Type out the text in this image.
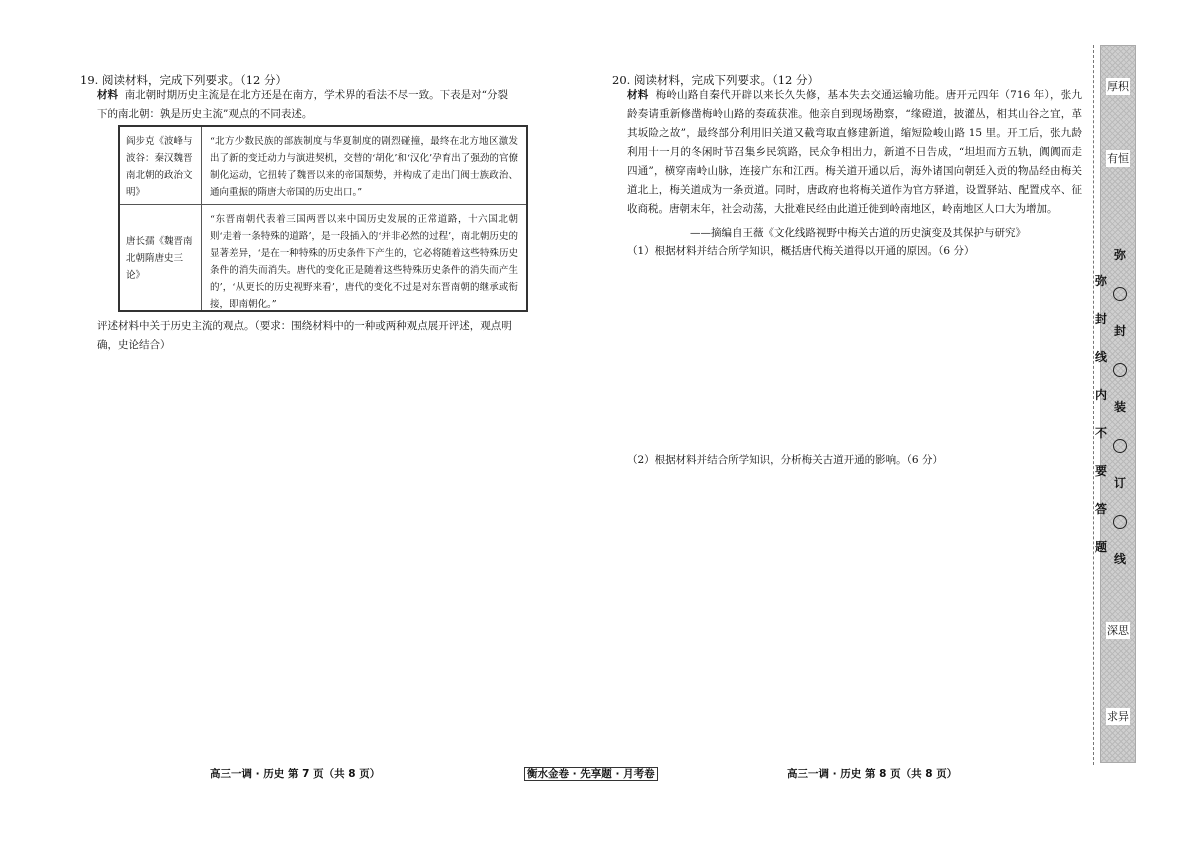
19. 阅读材料，完成下列要求。（12 分）
材料 南北朝时期历史主流是在北方还是在南方，学术界的看法不尽一致。下表是对“分裂
下的南北朝：孰是历史主流”观点的不同表述。
阎步克《波峰与波谷：秦汉魏晋南北朝的政治文明》
“北方少数民族的部族制度与华夏制度的剧烈碰撞，最终在北方地区激发出了新的变迁动力与演进契机，交替的‘胡化’和‘汉化’孕育出了强劲的官僚制化运动，它扭转了魏晋以来的帝国颓势，并构成了走出门阀士族政治、通向重振的隋唐大帝国的历史出口。”
唐长孺《魏晋南北朝隋唐史三论》
“东晋南朝代表着三国两晋以来中国历史发展的正常道路，十六国北朝则‘走着一条特殊的道路’，是一段插入的‘并非必然的过程’，南北朝历史的显著差异，‘是在一种特殊的历史条件下产生的，它必将随着这些特殊历史条件的消失而消失。唐代的变化正是随着这些特殊历史条件的消失而产生的’，‘从更长的历史视野来看’，唐代的变化不过是对东晋南朝的继承或衔接，即南朝化。”
评述材料中关于历史主流的观点。（要求：围绕材料中的一种或两种观点展开评述，观点明
确，史论结合）
高三一调 · 历史 第 7 页（共 8 页）	衡水金卷 · 先享题 · 月考卷
20. 阅读材料，完成下列要求。（12 分）
材料 梅岭山路自秦代开辟以来长久失修，基本失去交通运输功能。唐开元四年（716 年），张九龄奏请重新修凿梅岭山路的奏疏获准。他亲自到现场勘察，“缘磴道，披灌丛，相其山谷之宜，革其坂险之故”，最终部分利用旧关道又截弯取直修建新道，缩短险峻山路 15 里。开工后，张九龄利用十一月的冬闲时节召集乡民筑路，民众争相出力，新道不日告成，“坦坦而方五轨，阗阗而走四通”，横穿南岭山脉，连接广东和江西。梅关道开通以后，海外诸国向朝廷入贡的物品经由梅关道北上，梅关道成为一条贡道。同时，唐政府也将梅关道作为官方驿道，设置驿站、配置戍卒、征收商税。唐朝末年，社会动荡，大批难民经由此道迁徙到岭南地区，岭南地区人口大为增加。
——摘编自王薇《文化线路视野中梅关古道的历史演变及其保护与研究》
（1）根据材料并结合所学知识，概括唐代梅关道得以开通的原因。（6 分）
（2）根据材料并结合所学知识，分析梅关古道开通的影响。（6 分）
高三一调 · 历史 第 8 页（共 8 页）
厚积
有恒
深思
求异
弥
封
装
订
线
弥
封
线
内
不
要
答
题
